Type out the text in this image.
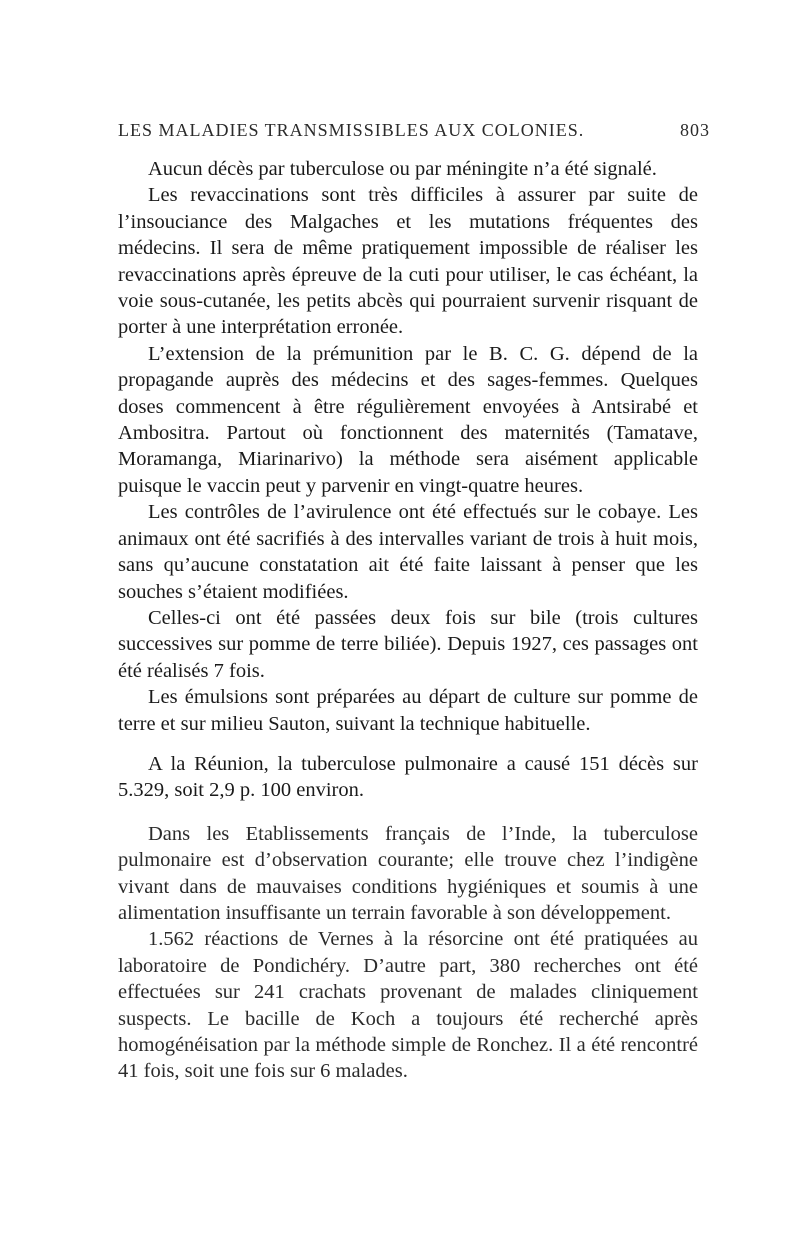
LES MALADIES TRANSMISSIBLES AUX COLONIES.	803

Aucun décès par tuberculose ou par méningite n’a été signalé.

Les revaccinations sont très difficiles à assurer par suite de l’insouciance des Malgaches et les mutations fréquentes des médecins. Il sera de même pratiquement impossible de réaliser les revaccinations après épreuve de la cuti pour utiliser, le cas échéant, la voie sous-cutanée, les petits abcès qui pourraient survenir risquant de porter à une interprétation erronée.

L’extension de la prémunition par le B. C. G. dépend de la propagande auprès des médecins et des sages-femmes. Quelques doses commencent à être régulièrement envoyées à Antsirabé et Ambositra. Partout où fonctionnent des maternités (Tamatave, Moramanga, Miarinarivo) la méthode sera aisément applicable puisque le vaccin peut y parvenir en vingt-quatre heures.

Les contrôles de l’avirulence ont été effectués sur le cobaye. Les animaux ont été sacrifiés à des intervalles variant de trois à huit mois, sans qu’aucune constatation ait été faite laissant à penser que les souches s’étaient modifiées.

Celles-ci ont été passées deux fois sur bile (trois cultures successives sur pomme de terre biliée). Depuis 1927, ces passages ont été réalisés 7 fois.

Les émulsions sont préparées au départ de culture sur pomme de terre et sur milieu Sauton, suivant la technique habituelle.

A la Réunion, la tuberculose pulmonaire a causé 151 décès sur 5.329, soit 2,9 p. 100 environ.

Dans les Etablissements français de l’Inde, la tuberculose pulmonaire est d’observation courante; elle trouve chez l’indigène vivant dans de mauvaises conditions hygiéniques et soumis à une alimentation insuffisante un terrain favorable à son développement.

1.562 réactions de Vernes à la résorcine ont été pratiquées au laboratoire de Pondichéry. D’autre part, 380 recherches ont été effectuées sur 241 crachats provenant de malades cliniquement suspects. Le bacille de Koch a toujours été recherché après homogénéisation par la méthode simple de Ronchez. Il a été rencontré 41 fois, soit une fois sur 6 malades.
